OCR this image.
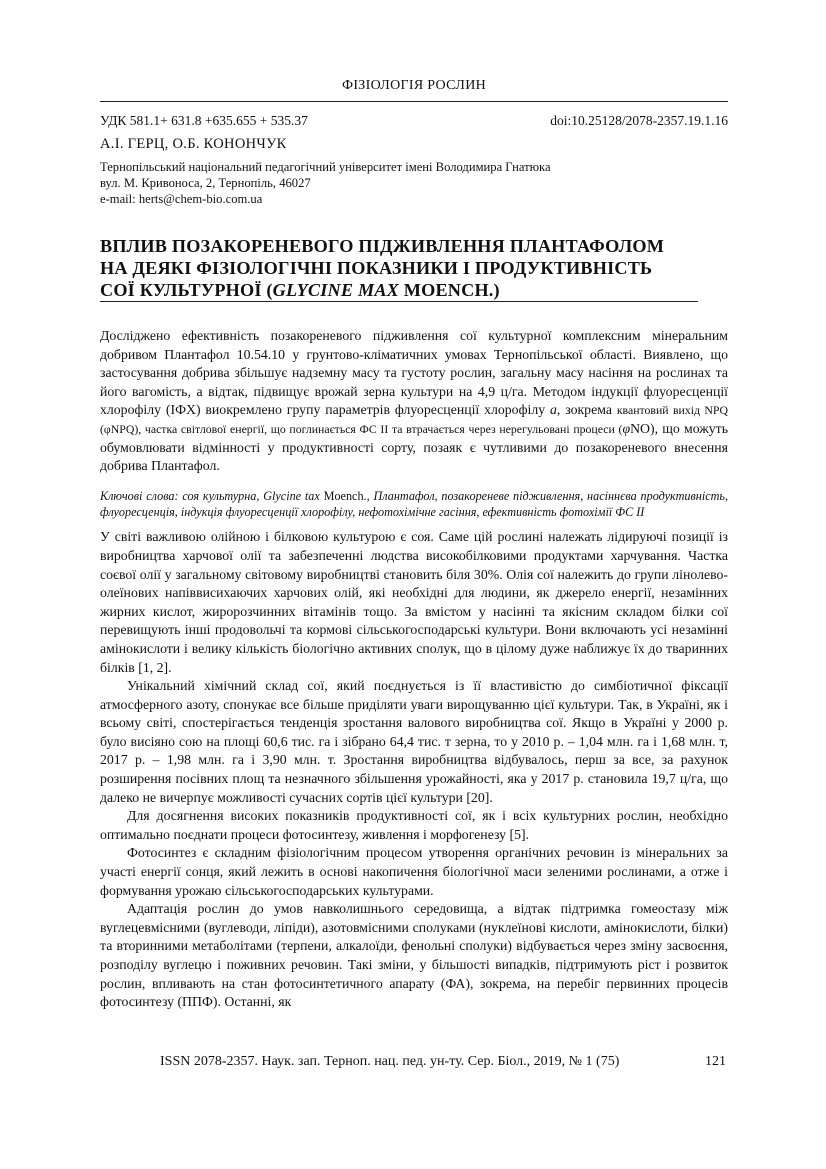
ФІЗІОЛОГІЯ РОСЛИН
УДК 581.1+ 631.8 +635.655 + 535.37	doi:10.25128/2078-2357.19.1.16
А.І. ГЕРЦ, О.Б. КОНОНЧУК
Тернопільський національний педагогічний університет імені Володимира Гнатюка
вул. М. Кривоноса, 2, Тернопіль, 46027
e-mail: herts@chem-bio.com.ua
ВПЛИВ ПОЗАКОРЕНЕВОГО ПІДЖИВЛЕННЯ ПЛАНТАФОЛОМ
НА ДЕЯКІ ФІЗІОЛОГІЧНІ ПОКАЗНИКИ І ПРОДУКТИВНІСТЬ
СОЇ КУЛЬТУРНОЇ (GLYCINE MAX MOENCH.)
Досліджено ефективність позакореневого підживлення сої культурної комплексним мінеральним добривом Плантафол 10.54.10 у грунтово-кліматичних умовах Тернопільської області. Виявлено, що застосування добрива збільшує надземну масу та густоту рослин, загальну масу насіння на рослинах та його вагомість, а відтак, підвищує врожай зерна культури на 4,9 ц/га. Методом індукції флуоресценції хлорофілу (ІФХ) виокремлено групу параметрів флуоресценції хлорофілу a, зокрема квантовий вихід NPQ (φNPQ), частка світлової енергії, що поглинається ФС II та втрачається через нерегульовані процеси (φNO), що можуть обумовлювати відмінності у продуктивності сорту, позаяк є чутливими до позакореневого внесення добрива Плантафол.
Ключові слова: соя культурна, Glycine tax Moench., Плантафол, позакореневе підживлення, насіннєва продуктивність, флуоресценція, індукція флуоресценції хлорофілу, нефотохімічне гасіння, ефективність фотохімії ФС II

У світі важливою олійною і білковою культурою є соя. Саме цій рослині належать лідируючі позиції із виробництва харчової олії та забезпеченні людства високобілковими продуктами харчування. Частка соєвої олії у загальному світовому виробництві становить біля 30%. Олія сої належить до групи лінолево-олеїнових напіввисихаючих харчових олій, які необхідні для людини, як джерело енергії, незамінних жирних кислот, жиророзчинних вітамінів тощо. За вмістом у насінні та якісним складом білки сої перевищують інші продовольчі та кормові сільськогосподарські культури. Вони включають усі незамінні амінокислоти і велику кількість біологічно активних сполук, що в цілому дуже наближує їх до тваринних білків [1, 2].

Унікальний хімічний склад сої, який поєднується із її властивістю до симбіотичної фіксації атмосферного азоту, спонукає все більше приділяти уваги вирощуванню цієї культури. Так, в Україні, як і всьому світі, спостерігається тенденція зростання валового виробництва сої. Якщо в Україні у 2000 р. було висіяно сою на площі 60,6 тис. га і зібрано 64,4 тис. т зерна, то у 2010 р. – 1,04 млн. га і 1,68 млн. т, 2017 р. – 1,98 млн. га і 3,90 млн. т. Зростання виробництва відбувалось, перш за все, за рахунок розширення посівних площ та незначного збільшення урожайності, яка у 2017 р. становила 19,7 ц/га, що далеко не вичерпує можливості сучасних сортів цієї культури [20].

Для досягнення високих показників продуктивності сої, як і всіх культурних рослин, необхідно оптимально поєднати процеси фотосинтезу, живлення і морфогенезу [5].

Фотосинтез є складним фізіологічним процесом утворення органічних речовин із мінеральних за участі енергії сонця, який лежить в основі накопичення біологічної маси зеленими рослинами, а отже і формування урожаю сільськогосподарських культурами.

Адаптація рослин до умов навколишнього середовища, а відтак підтримка гомеостазу між вуглецевмісними (вуглеводи, ліпіди), азотовмісними сполуками (нуклеїнові кислоти, амінокислоти, білки) та вторинними метаболітами (терпени, алкалоїди, фенольні сполуки) відбувається через зміну засвоєння, розподілу вуглецю і поживних речовин. Такі зміни, у більшості випадків, підтримують ріст і розвиток рослин, впливають на стан фотосинтетичного апарату (ФА), зокрема, на перебіг первинних процесів фотосинтезу (ППФ). Останні, як

ISSN 2078-2357. Наук. зап. Терноп. нац. пед. ун-ту. Сер. Біол., 2019, № 1 (75)	121
